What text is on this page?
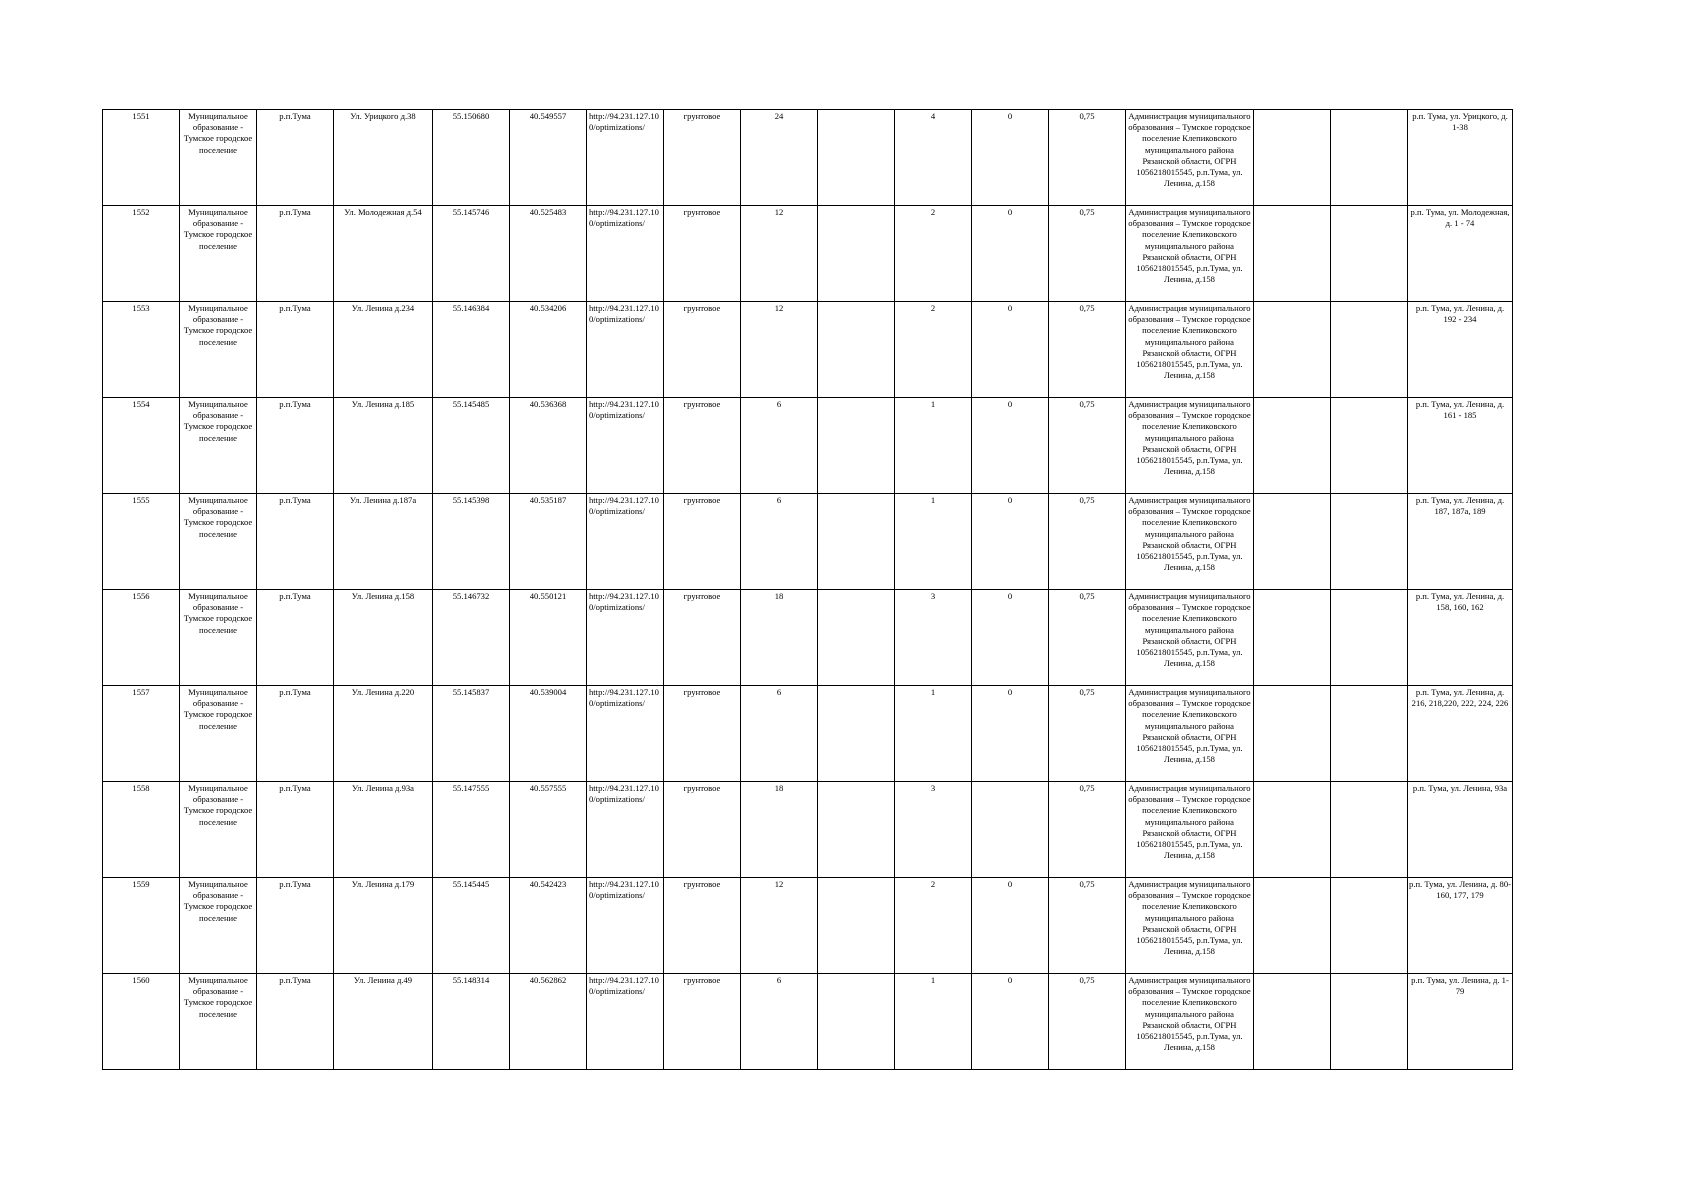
1551	Муниципальное образование - Тумское городское поселение	р.п.Тума	Ул. Урицкого д.38	55.150680	40.549557	http://94.231.127.100/optimizations/	грунтовое	24		4	0	0,75	Администрация муниципального образования – Тумское городское поселение Клепиковского муниципального района Рязанской области, ОГРН 1056218015545, р.п.Тума, ул. Ленина, д.158			р.п. Тума, ул. Урицкого, д. 1-38
1552	Муниципальное образование - Тумское городское поселение	р.п.Тума	Ул. Молодежная д.54	55.145746	40.525483	http://94.231.127.100/optimizations/	грунтовое	12		2	0	0,75	Администрация муниципального образования – Тумское городское поселение Клепиковского муниципального района Рязанской области, ОГРН 1056218015545, р.п.Тума, ул. Ленина, д.158			р.п. Тума, ул. Молодежная, д. 1 - 74
1553	Муниципальное образование - Тумское городское поселение	р.п.Тума	Ул. Ленина д.234	55.146384	40.534206	http://94.231.127.100/optimizations/	грунтовое	12		2	0	0,75	Администрация муниципального образования – Тумское городское поселение Клепиковского муниципального района Рязанской области, ОГРН 1056218015545, р.п.Тума, ул. Ленина, д.158			р.п. Тума, ул. Ленина, д. 192 - 234
1554	Муниципальное образование - Тумское городское поселение	р.п.Тума	Ул. Ленина д.185	55.145485	40.536368	http://94.231.127.100/optimizations/	грунтовое	6		1	0	0,75	Администрация муниципального образования – Тумское городское поселение Клепиковского муниципального района Рязанской области, ОГРН 1056218015545, р.п.Тума, ул. Ленина, д.158			р.п. Тума, ул. Ленина, д. 161 - 185
1555	Муниципальное образование - Тумское городское поселение	р.п.Тума	Ул. Ленина д.187а	55.145398	40.535187	http://94.231.127.100/optimizations/	грунтовое	6		1	0	0,75	Администрация муниципального образования – Тумское городское поселение Клепиковского муниципального района Рязанской области, ОГРН 1056218015545, р.п.Тума, ул. Ленина, д.158			р.п. Тума, ул. Ленина, д. 187, 187а, 189
1556	Муниципальное образование - Тумское городское поселение	р.п.Тума	Ул. Ленина д.158	55.146732	40.550121	http://94.231.127.100/optimizations/	грунтовое	18		3	0	0,75	Администрация муниципального образования – Тумское городское поселение Клепиковского муниципального района Рязанской области, ОГРН 1056218015545, р.п.Тума, ул. Ленина, д.158			р.п. Тума, ул. Ленина, д. 158, 160, 162
1557	Муниципальное образование - Тумское городское поселение	р.п.Тума	Ул. Ленина д.220	55.145837	40.539004	http://94.231.127.100/optimizations/	грунтовое	6		1	0	0,75	Администрация муниципального образования – Тумское городское поселение Клепиковского муниципального района Рязанской области, ОГРН 1056218015545, р.п.Тума, ул. Ленина, д.158			р.п. Тума, ул. Ленина, д. 216, 218,220, 222, 224, 226
1558	Муниципальное образование - Тумское городское поселение	р.п.Тума	Ул. Ленина д.93а	55.147555	40.557555	http://94.231.127.100/optimizations/	грунтовое	18		3		0,75	Администрация муниципального образования – Тумское городское поселение Клепиковского муниципального района Рязанской области, ОГРН 1056218015545, р.п.Тума, ул. Ленина, д.158			р.п. Тума, ул. Ленина, 93а
1559	Муниципальное образование - Тумское городское поселение	р.п.Тума	Ул. Ленина д.179	55.145445	40.542423	http://94.231.127.100/optimizations/	грунтовое	12		2	0	0,75	Администрация муниципального образования – Тумское городское поселение Клепиковского муниципального района Рязанской области, ОГРН 1056218015545, р.п.Тума, ул. Ленина, д.158			р.п. Тума, ул. Ленина, д. 80-160, 177, 179
1560	Муниципальное образование - Тумское городское поселение	р.п.Тума	Ул. Ленина д.49	55.148314	40.562862	http://94.231.127.100/optimizations/	грунтовое	6		1	0	0,75	Администрация муниципального образования – Тумское городское поселение Клепиковского муниципального района Рязанской области, ОГРН 1056218015545, р.п.Тума, ул. Ленина, д.158			р.п. Тума, ул. Ленина, д. 1-79
